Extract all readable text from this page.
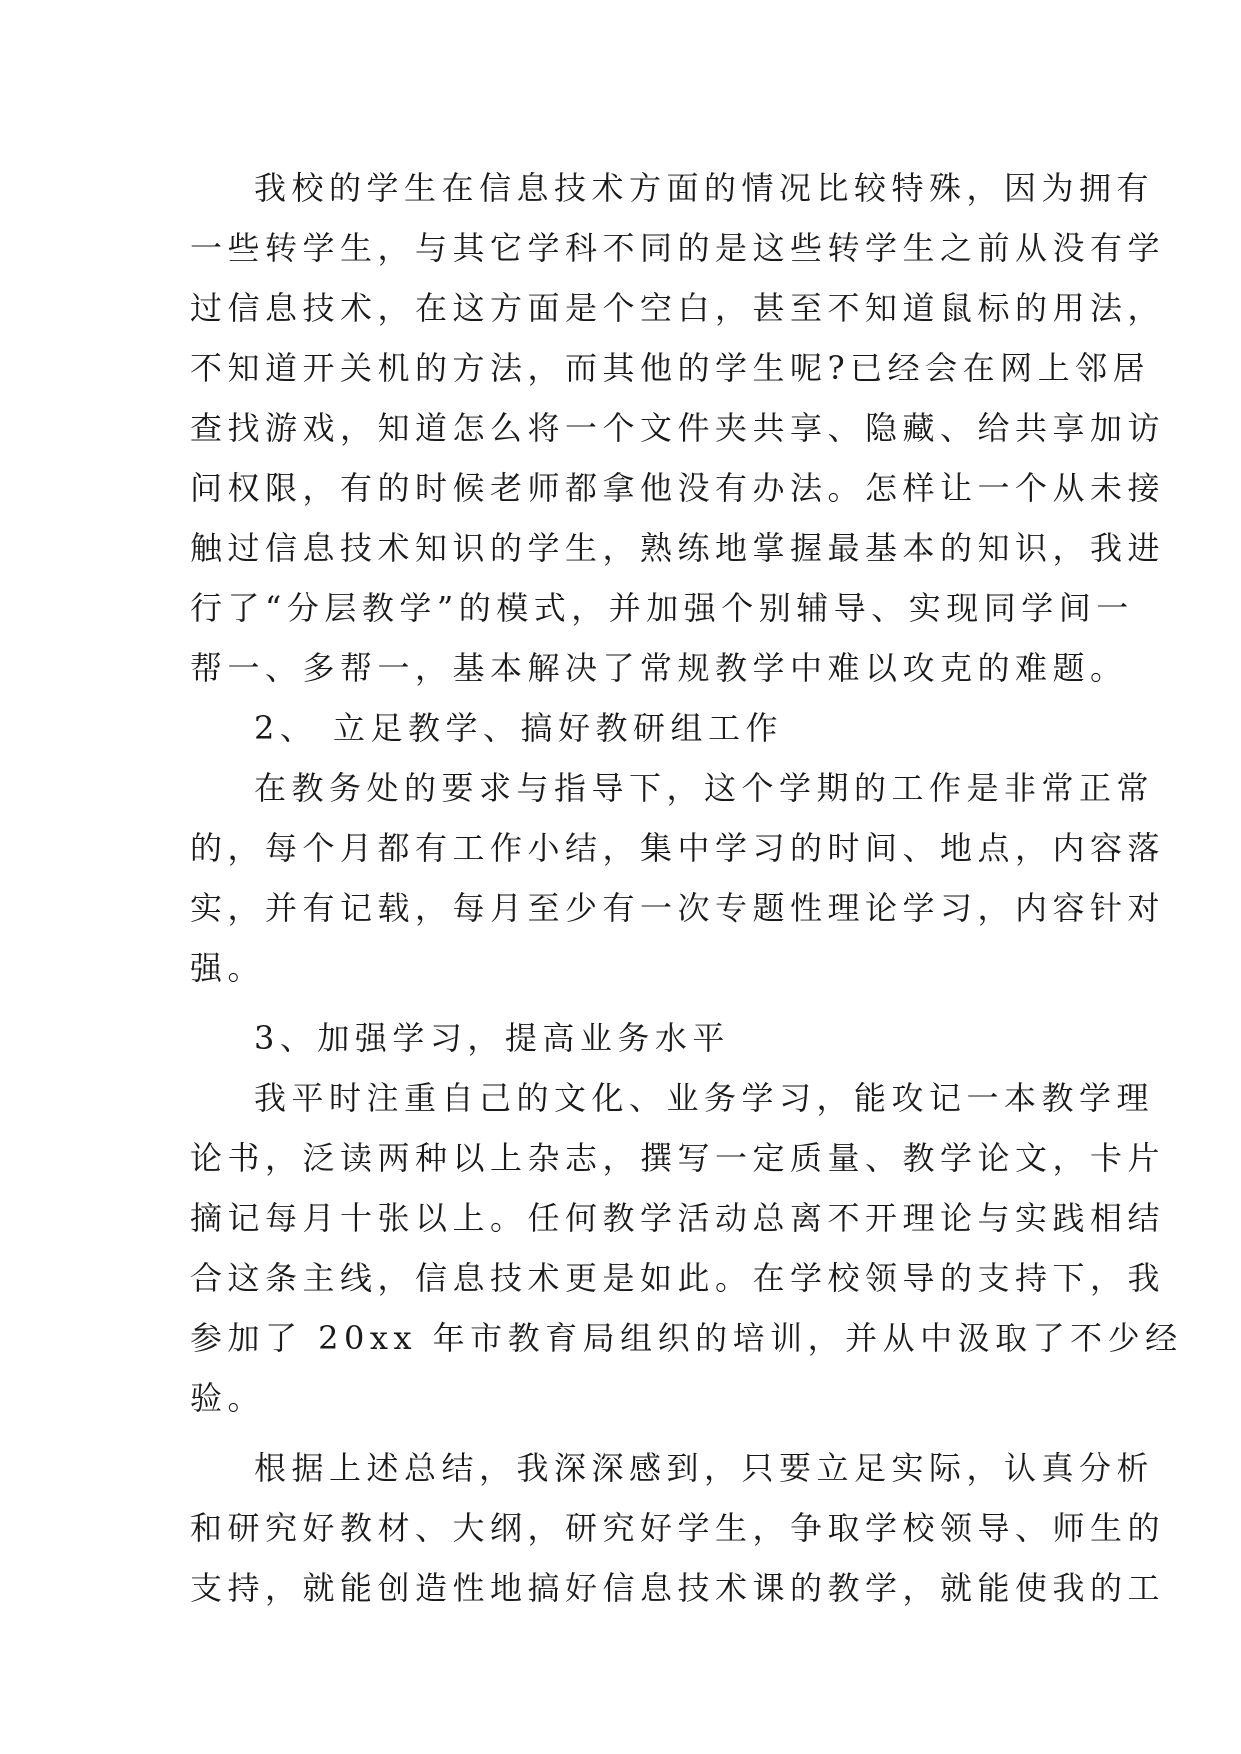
我校的学生在信息技术方面的情况比较特殊，因为拥有
一些转学生，与其它学科不同的是这些转学生之前从没有学
过信息技术，在这方面是个空白，甚至不知道鼠标的用法，
不知道开关机的方法，而其他的学生呢?已经会在网上邻居
查找游戏，知道怎么将一个文件夹共享、隐藏、给共享加访
问权限，有的时候老师都拿他没有办法。怎样让一个从未接
触过信息技术知识的学生，熟练地掌握最基本的知识，我进
行了“分层教学”的模式，并加强个别辅导、实现同学间一
帮一、多帮一，基本解决了常规教学中难以攻克的难题。
2、 立足教学、搞好教研组工作
在教务处的要求与指导下，这个学期的工作是非常正常
的，每个月都有工作小结，集中学习的时间、地点，内容落
实，并有记载，每月至少有一次专题性理论学习，内容针对
强。
3、加强学习，提高业务水平
我平时注重自己的文化、业务学习，能攻记一本教学理
论书，泛读两种以上杂志，撰写一定质量、教学论文，卡片
摘记每月十张以上。任何教学活动总离不开理论与实践相结
合这条主线，信息技术更是如此。在学校领导的支持下，我
参加了 20xx 年市教育局组织的培训，并从中汲取了不少经
验。
根据上述总结，我深深感到，只要立足实际，认真分析
和研究好教材、大纲，研究好学生，争取学校领导、师生的
支持，就能创造性地搞好信息技术课的教学，就能使我的工
